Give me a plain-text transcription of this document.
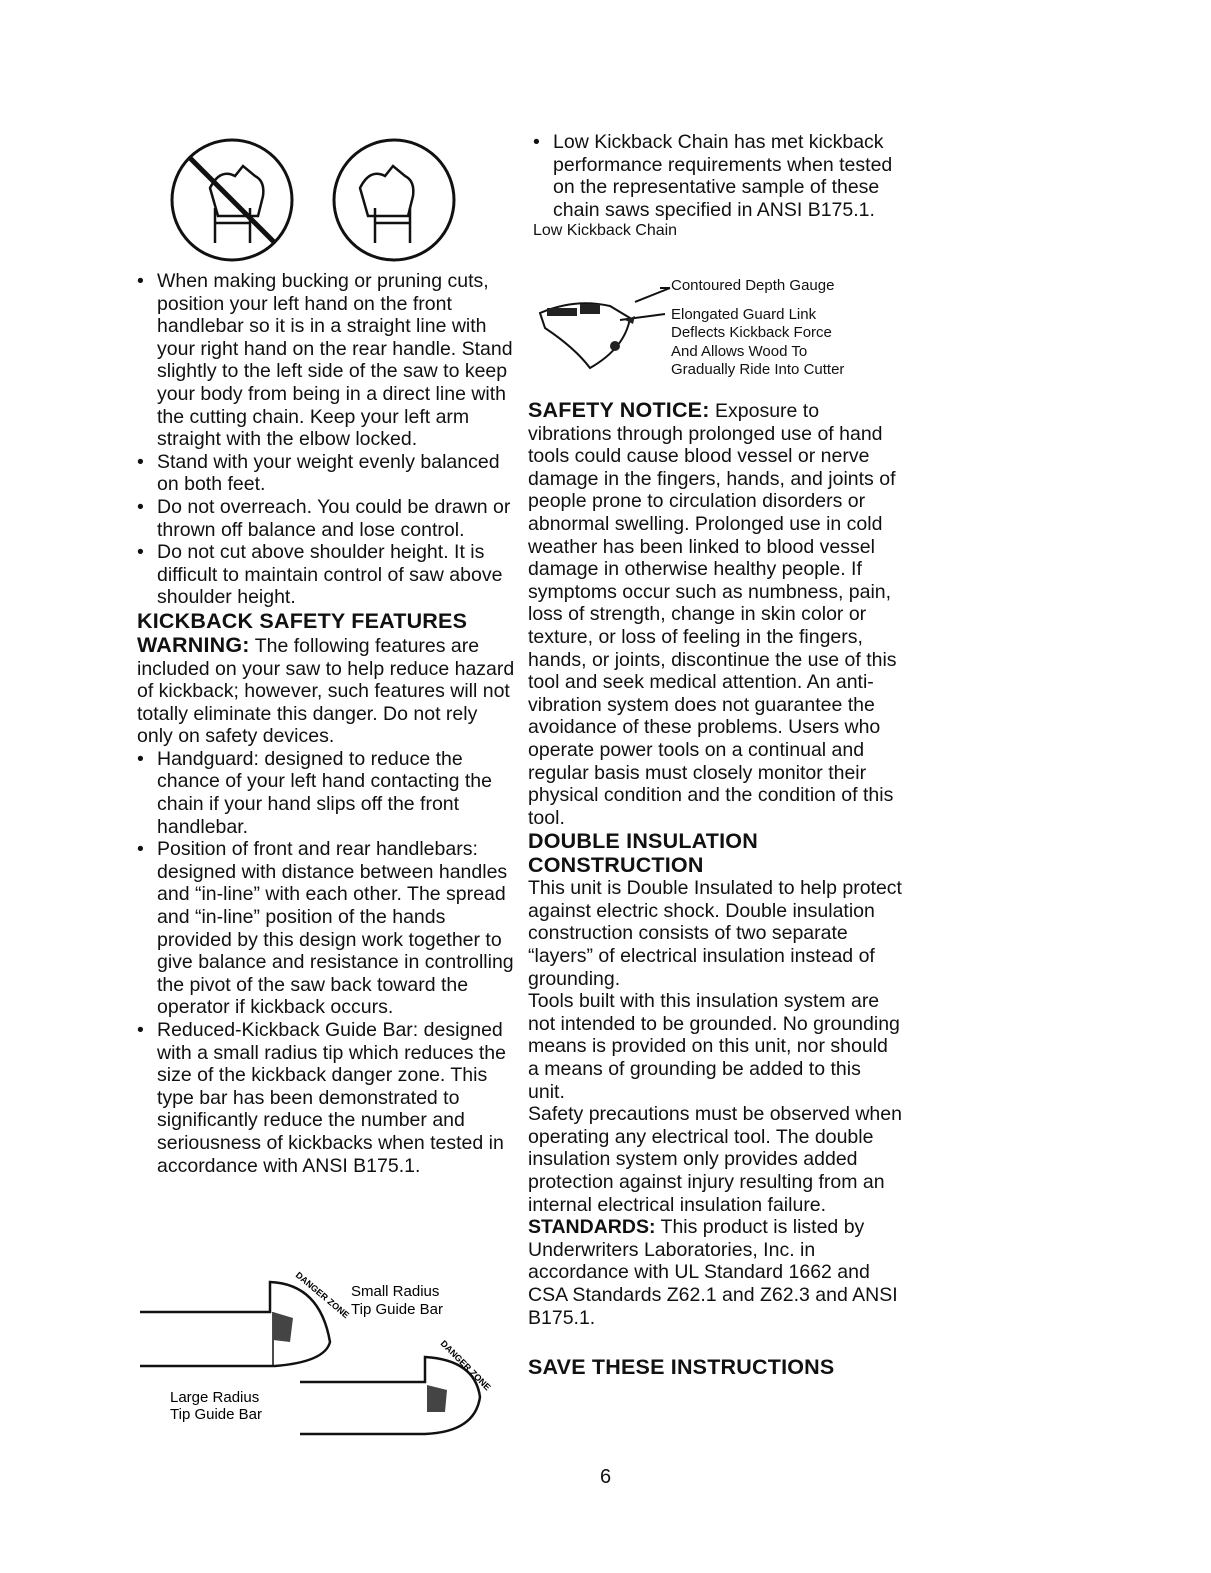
• When making bucking or pruning cuts, position your left hand on the front handlebar so it is in a straight line with your right hand on the rear handle. Stand slightly to the left side of the saw to keep your body from being in a direct line with the cutting chain. Keep your left arm straight with the elbow locked.
• Stand with your weight evenly balanced on both feet.
• Do not overreach. You could be drawn or thrown off balance and lose control.
• Do not cut above shoulder height. It is difficult to maintain control of saw above shoulder height.
KICKBACK SAFETY FEATURES

WARNING: The following features are included on your saw to help reduce hazard of kickback; however, such features will not totally eliminate this danger. Do not rely only on safety devices.

• Handguard: designed to reduce the chance of your left hand contacting the chain if your hand slips off the front handlebar.
• Position of front and rear handlebars: designed with distance between handles and “in-line” with each other. The spread and “in-line” position of the hands provided by this design work together to give balance and resistance in controlling the pivot of the saw back toward the operator if kickback occurs.
• Reduced-Kickback Guide Bar: designed with a small radius tip which reduces the size of the kickback danger zone. This type bar has been demonstrated to significantly reduce the number and seriousness of kickbacks when tested in accordance with ANSI B175.1.
DANGER ZONE
DANGER ZONE
Small Radius
Tip Guide Bar
Large Radius
Tip Guide Bar
• Low Kickback Chain has met kickback performance requirements when tested on the representative sample of these chain saws specified in ANSI B175.1.
Low Kickback Chain
Contoured Depth Gauge
Elongated Guard Link
Deflects Kickback Force
And Allows Wood To
Gradually Ride Into Cutter

SAFETY NOTICE: Exposure to vibrations through prolonged use of hand tools could cause blood vessel or nerve damage in the fingers, hands, and joints of people prone to circulation disorders or abnormal swelling. Prolonged use in cold weather has been linked to blood vessel damage in otherwise healthy people. If symptoms occur such as numbness, pain, loss of strength, change in skin color or texture, or loss of feeling in the fingers, hands, or joints, discontinue the use of this tool and seek medical attention. An anti-vibration system does not guarantee the avoidance of these problems. Users who operate power tools on a continual and regular basis must closely monitor their physical condition and the condition of this tool.

DOUBLE INSULATION
CONSTRUCTION

This unit is Double Insulated to help protect against electric shock. Double insulation construction consists of two separate “layers” of electrical insulation instead of grounding.

Tools built with this insulation system are not intended to be grounded. No grounding means is provided on this unit, nor should a means of grounding be added to this unit.

Safety precautions must be observed when operating any electrical tool. The double insulation system only provides added protection against injury resulting from an internal electrical insulation failure.

STANDARDS: This product is listed by Underwriters Laboratories, Inc. in accordance with UL Standard 1662 and CSA Standards Z62.1 and Z62.3 and ANSI B175.1.

SAVE THESE INSTRUCTIONS
6
